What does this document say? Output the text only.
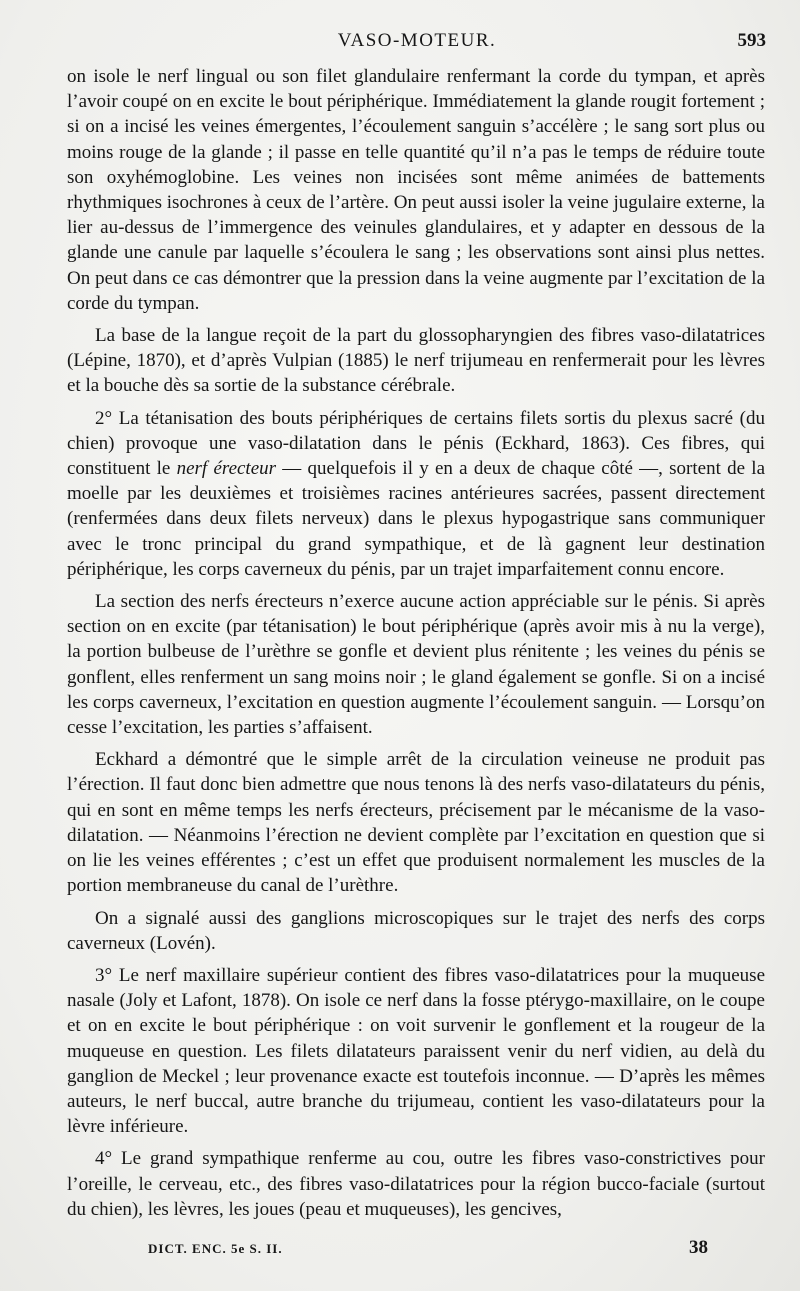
VASO-MOTEUR.	593

on isole le nerf lingual ou son filet glandulaire renfermant la corde du tympan, et après l’avoir coupé on en excite le bout périphérique. Immédiatement la glande rougit fortement ; si on a incisé les veines émergentes, l’écoulement sanguin s’accélère ; le sang sort plus ou moins rouge de la glande ; il passe en telle quantité qu’il n’a pas le temps de réduire toute son oxyhémoglobine. Les veines non incisées sont même animées de battements rhythmiques isochrones à ceux de l’artère. On peut aussi isoler la veine jugulaire externe, la lier au-dessus de l’immergence des veinules glandulaires, et y adapter en dessous de la glande une canule par laquelle s’écoulera le sang ; les observations sont ainsi plus nettes. On peut dans ce cas démontrer que la pression dans la veine augmente par l’excitation de la corde du tympan.

La base de la langue reçoit de la part du glossopharyngien des fibres vaso-dilatatrices (Lépine, 1870), et d’après Vulpian (1885) le nerf trijumeau en renfermerait pour les lèvres et la bouche dès sa sortie de la substance cérébrale.

2° La tétanisation des bouts périphériques de certains filets sortis du plexus sacré (du chien) provoque une vaso-dilatation dans le pénis (Eckhard, 1863). Ces fibres, qui constituent le nerf érecteur — quelquefois il y en a deux de chaque côté —, sortent de la moelle par les deuxièmes et troisièmes racines antérieures sacrées, passent directement (renfermées dans deux filets nerveux) dans le plexus hypogastrique sans communiquer avec le tronc principal du grand sympathique, et de là gagnent leur destination périphérique, les corps caverneux du pénis, par un trajet imparfaitement connu encore.

La section des nerfs érecteurs n’exerce aucune action appréciable sur le pénis. Si après section on en excite (par tétanisation) le bout périphérique (après avoir mis à nu la verge), la portion bulbeuse de l’urèthre se gonfle et devient plus rénitente ; les veines du pénis se gonflent, elles renferment un sang moins noir ; le gland également se gonfle. Si on a incisé les corps caverneux, l’excitation en question augmente l’écoulement sanguin. — Lorsqu’on cesse l’excitation, les parties s’affaisent.

Eckhard a démontré que le simple arrêt de la circulation veineuse ne produit pas l’érection. Il faut donc bien admettre que nous tenons là des nerfs vaso-dilatateurs du pénis, qui en sont en même temps les nerfs érecteurs, précisement par le mécanisme de la vaso-dilatation. — Néanmoins l’érection ne devient complète par l’excitation en question que si on lie les veines efférentes ; c’est un effet que produisent normalement les muscles de la portion membraneuse du canal de l’urèthre.

On a signalé aussi des ganglions microscopiques sur le trajet des nerfs des corps caverneux (Lovén).

3° Le nerf maxillaire supérieur contient des fibres vaso-dilatatrices pour la muqueuse nasale (Joly et Lafont, 1878). On isole ce nerf dans la fosse ptérygo-maxillaire, on le coupe et on en excite le bout périphérique : on voit survenir le gonflement et la rougeur de la muqueuse en question. Les filets dilatateurs paraissent venir du nerf vidien, au delà du ganglion de Meckel ; leur provenance exacte est toutefois inconnue. — D’après les mêmes auteurs, le nerf buccal, autre branche du trijumeau, contient les vaso-dilatateurs pour la lèvre inférieure.

4° Le grand sympathique renferme au cou, outre les fibres vaso-constrictives pour l’oreille, le cerveau, etc., des fibres vaso-dilatatrices pour la région bucco-faciale (surtout du chien), les lèvres, les joues (peau et muqueuses), les gencives,

DICT. ENC. 5e S. II.	38
